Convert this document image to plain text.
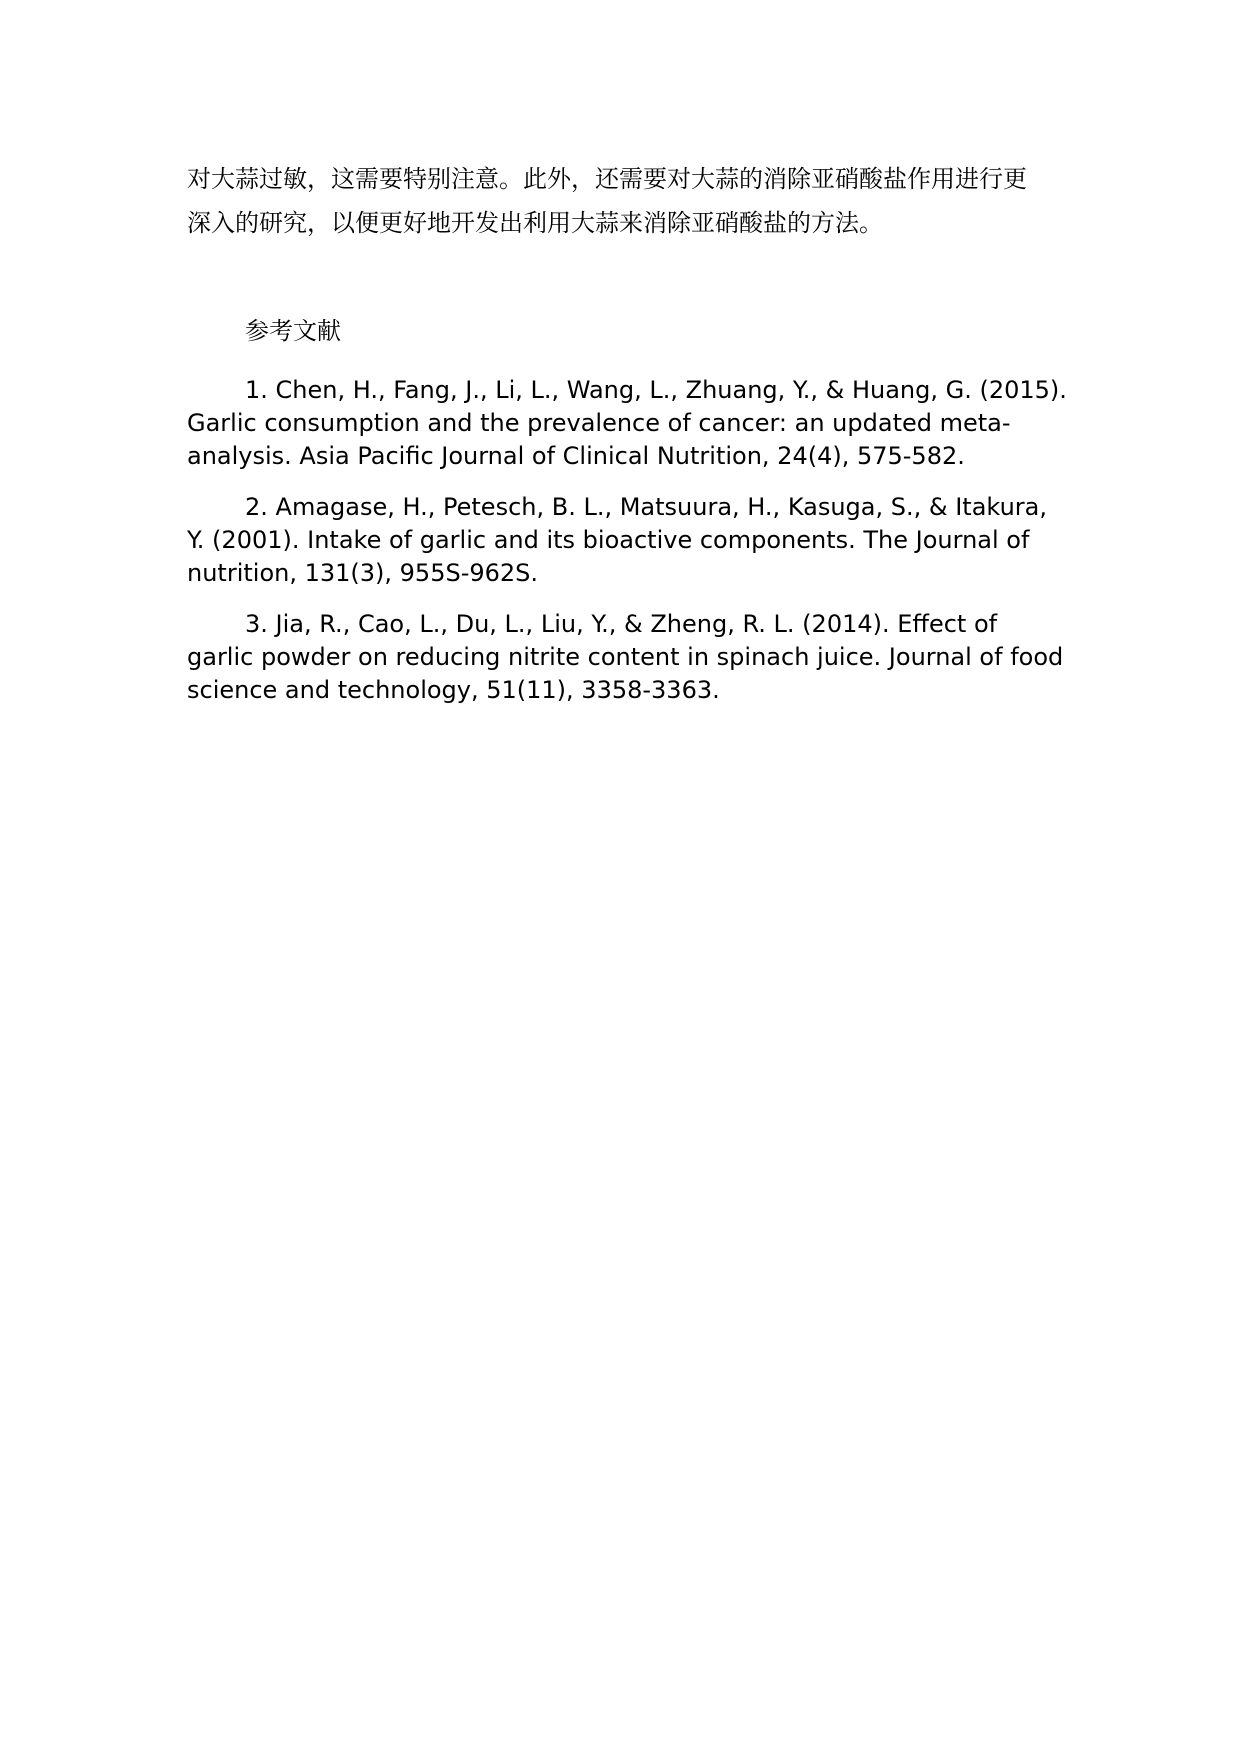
对大蒜过敏，这需要特别注意。此外，还需要对大蒜的消除亚硝酸盐作用进行更深入的研究，以便更好地开发出利用大蒜来消除亚硝酸盐的方法。

参考文献

1. Chen, H., Fang, J., Li, L., Wang, L., Zhuang, Y., & Huang, G. (2015). Garlic consumption and the prevalence of cancer: an updated meta-analysis. Asia Pacific Journal of Clinical Nutrition, 24(4), 575-582.

2. Amagase, H., Petesch, B. L., Matsuura, H., Kasuga, S., & Itakura, Y. (2001). Intake of garlic and its bioactive components. The Journal of nutrition, 131(3), 955S-962S.

3. Jia, R., Cao, L., Du, L., Liu, Y., & Zheng, R. L. (2014). Effect of garlic powder on reducing nitrite content in spinach juice. Journal of food science and technology, 51(11), 3358-3363.
